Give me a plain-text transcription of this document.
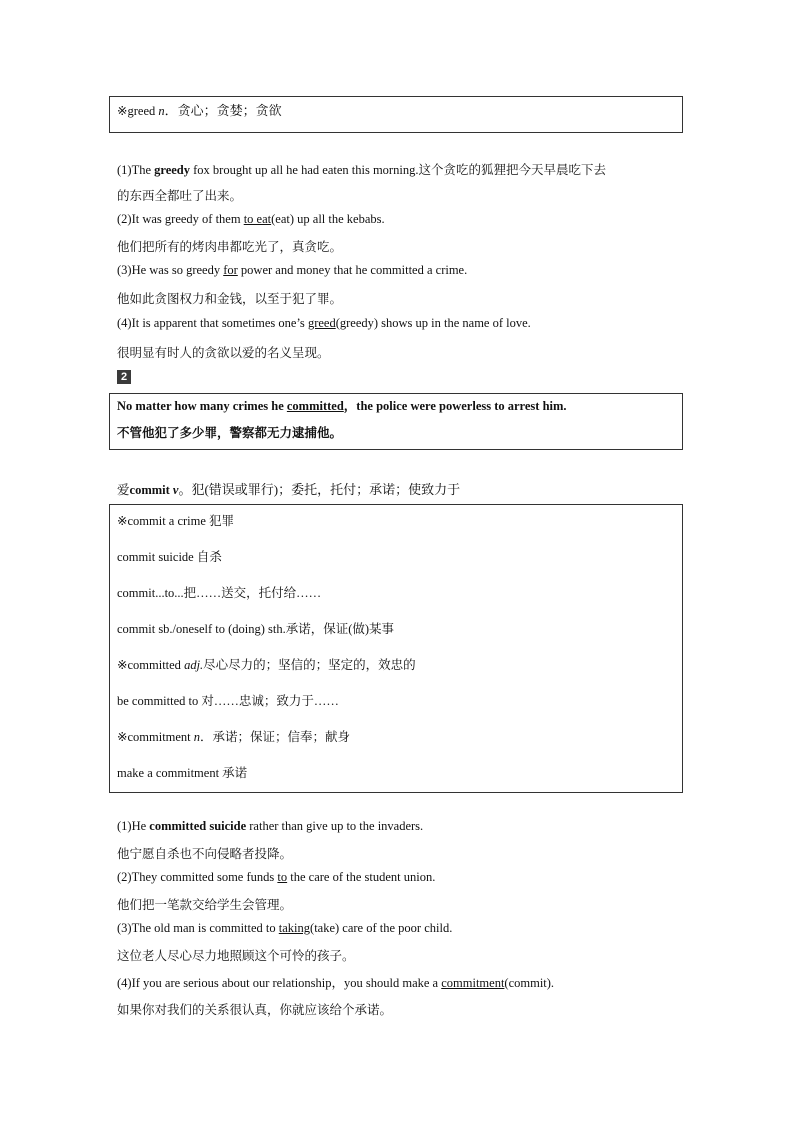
※greed n．贪心；贪婪；贪欲
(1)The greedy fox brought up all he had eaten this morning.这个贪吃的狐狸把今天早晨吃下去
的东西全都吐了出来。
(2)It was greedy of them to eat(eat) up all the kebabs.
他们把所有的烤肉串都吃光了，真贪吃。
(3)He was so greedy for power and money that he committed a crime.
他如此贪图权力和金钱，以至于犯了罪。
(4)It is apparent that sometimes one’s greed(greedy) shows up in the name of love.
很明显有时人的贪欲以爱的名义呈现。
2
No matter how many crimes he committed，the police were powerless to arrest him.
不管他犯了多少罪，警察都无力逮捕他。
爱commit v。犯(错误或罪行)；委托，托付；承诺；使致力于
※commit a crime 犯罪
commit suicide 自杀
commit...to...把……送交，托付给……
commit sb./oneself to (doing) sth.承诺，保证(做)某事
※committed adj.尽心尽力的；坚信的；坚定的，效忠的
be committed to 对……忠诚；致力于……
※commitment n．承诺；保证；信奉；献身
make a commitment 承诺
(1)He committed suicide rather than give up to the invaders.
他宁愿自杀也不向侵略者投降。
(2)They committed some funds to the care of the student union.
他们把一笔款交给学生会管理。
(3)The old man is committed to taking(take) care of the poor child.
这位老人尽心尽力地照顾这个可怜的孩子。
(4)If you are serious about our relationship，you should make a commitment(commit).
如果你对我们的关系很认真，你就应该给个承诺。
